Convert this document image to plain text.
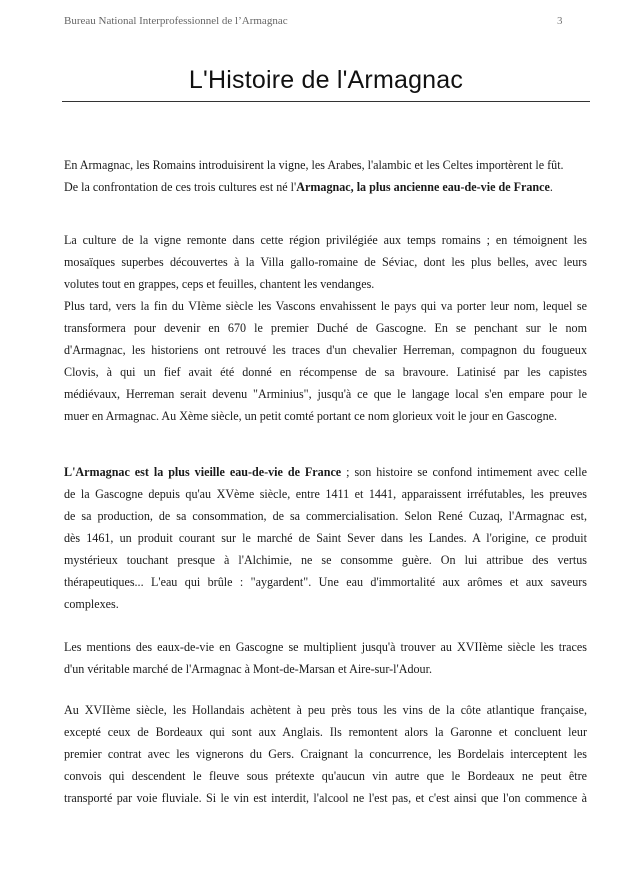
Bureau National Interprofessionnel de l’Armagnac	3
L'Histoire de l'Armagnac
En Armagnac, les Romains introduisirent la vigne, les Arabes, l'alambic et les Celtes importèrent le fût.
De la confrontation de ces trois cultures est né l'Armagnac, la plus ancienne eau-de-vie de France.
La culture de la vigne remonte dans cette région privilégiée aux temps romains ; en témoignent les
mosaïques superbes découvertes à la Villa gallo-romaine de Séviac, dont les plus belles, avec leurs
volutes tout en grappes, ceps et feuilles, chantent les vendanges.
Plus tard, vers la fin du VIème siècle les Vascons envahissent le pays qui va porter leur nom, lequel se
transformera pour devenir en 670 le premier Duché de Gascogne. En se penchant sur le nom
d'Armagnac, les historiens ont retrouvé les traces d'un chevalier Herreman, compagnon du fougueux
Clovis, à qui un fief avait été donné en récompense de sa bravoure. Latinisé par les capistes
médiévaux, Herreman serait devenu "Arminius", jusqu'à ce que le langage local s'en empare pour le
muer en Armagnac. Au Xème siècle, un petit comté portant ce nom glorieux voit le jour en Gascogne.
L'Armagnac est la plus vieille eau-de-vie de France ; son histoire se confond intimement avec celle
de la Gascogne depuis qu'au XVème siècle, entre 1411 et 1441, apparaissent irréfutables, les preuves
de sa production, de sa consommation, de sa commercialisation. Selon René Cuzaq, l'Armagnac est,
dès 1461, un produit courant sur le marché de Saint Sever dans les Landes. A l'origine, ce produit
mystérieux touchant presque à l'Alchimie, ne se consomme guère. On lui attribue des vertus
thérapeutiques... L'eau qui brûle : "aygardent". Une eau d'immortalité aux arômes et aux saveurs
complexes.
Les mentions des eaux-de-vie en Gascogne se multiplient jusqu'à trouver au XVIIème siècle les traces
d'un véritable marché de l'Armagnac à Mont-de-Marsan et Aire-sur-l'Adour.
Au XVIIème siècle, les Hollandais achètent à peu près tous les vins de la côte atlantique française,
excepté ceux de Bordeaux qui sont aux Anglais. Ils remontent alors la Garonne et concluent leur
premier contrat avec les vignerons du Gers. Craignant la concurrence, les Bordelais interceptent les
convois qui descendent le fleuve sous prétexte qu'aucun vin autre que le Bordeaux ne peut être
transporté par voie fluviale. Si le vin est interdit, l'alcool ne l'est pas, et c'est ainsi que l'on commence à
